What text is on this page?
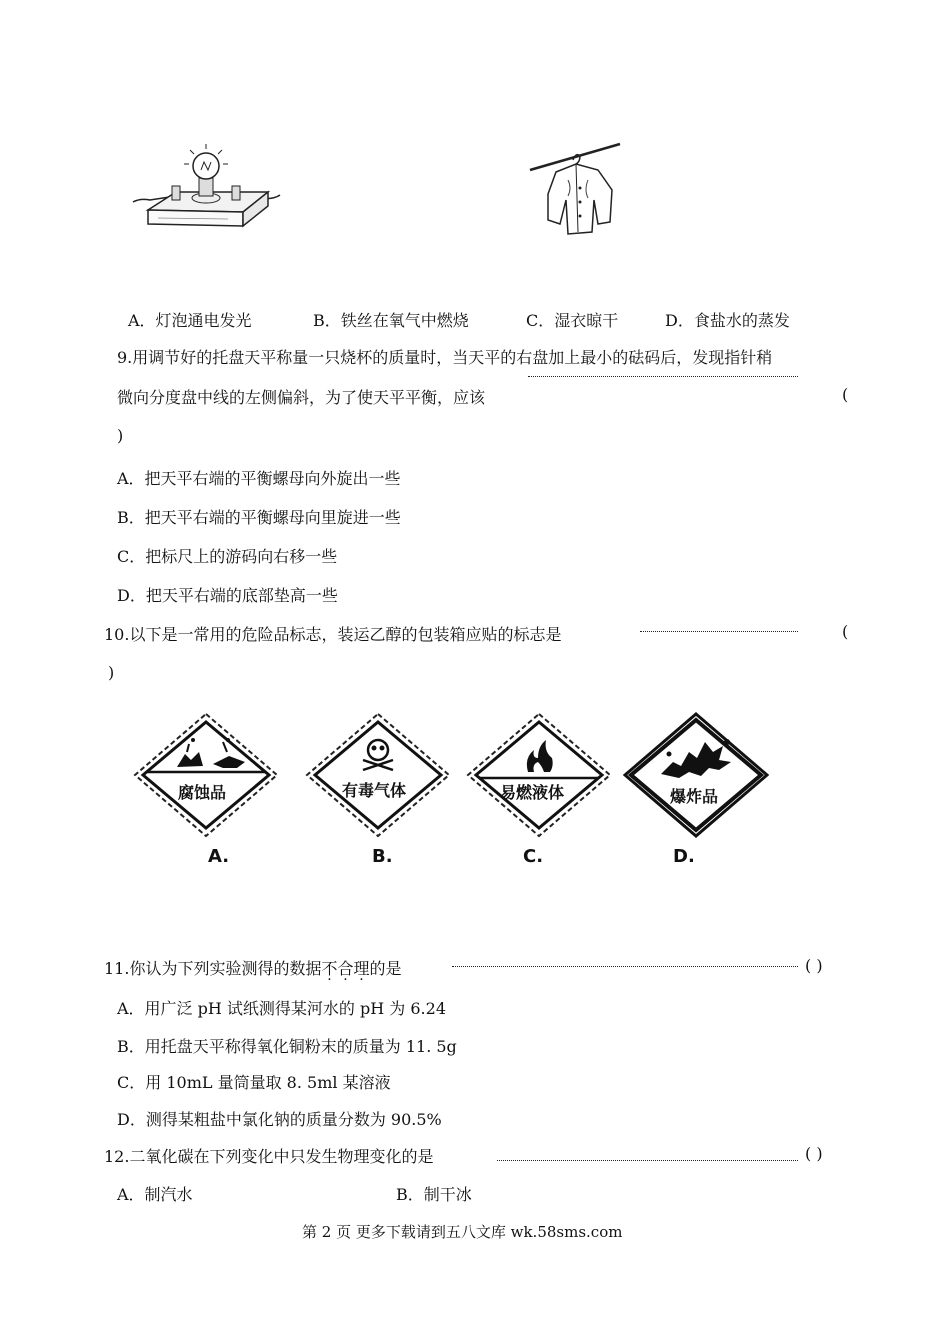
A．灯泡通电发光	B．铁丝在氧气中燃烧	C．湿衣晾干	D．食盐水的蒸发
9.用调节好的托盘天平称量一只烧杯的质量时，当天平的右盘加上最小的砝码后，发现指针稍
微向分度盘中线的左侧偏斜，为了使天平平衡，应该	(
)
A．把天平右端的平衡螺母向外旋出一些
B．把天平右端的平衡螺母向里旋进一些
C．把标尺上的游码向右移一些
D．把天平右端的底部垫高一些
10.以下是一常用的危险品标志，装运乙醇的包装箱应贴的标志是	(
)
腐蚀品
A.
有毒气体
B.
易燃液体
C.
爆炸品
D.
11.你认为下列实验测得的数据不合理的是	( )
A．用广泛 pH 试纸测得某河水的 pH 为 6.24
B．用托盘天平称得氧化铜粉末的质量为 11. 5g
C．用 10mL 量筒量取 8. 5ml 某溶液
D．测得某粗盐中氯化钠的质量分数为 90.5%
12.二氧化碳在下列变化中只发生物理变化的是	( )
A．制汽水	B．制干冰
第 2 页 更多下载请到五八文库 wk.58sms.com
